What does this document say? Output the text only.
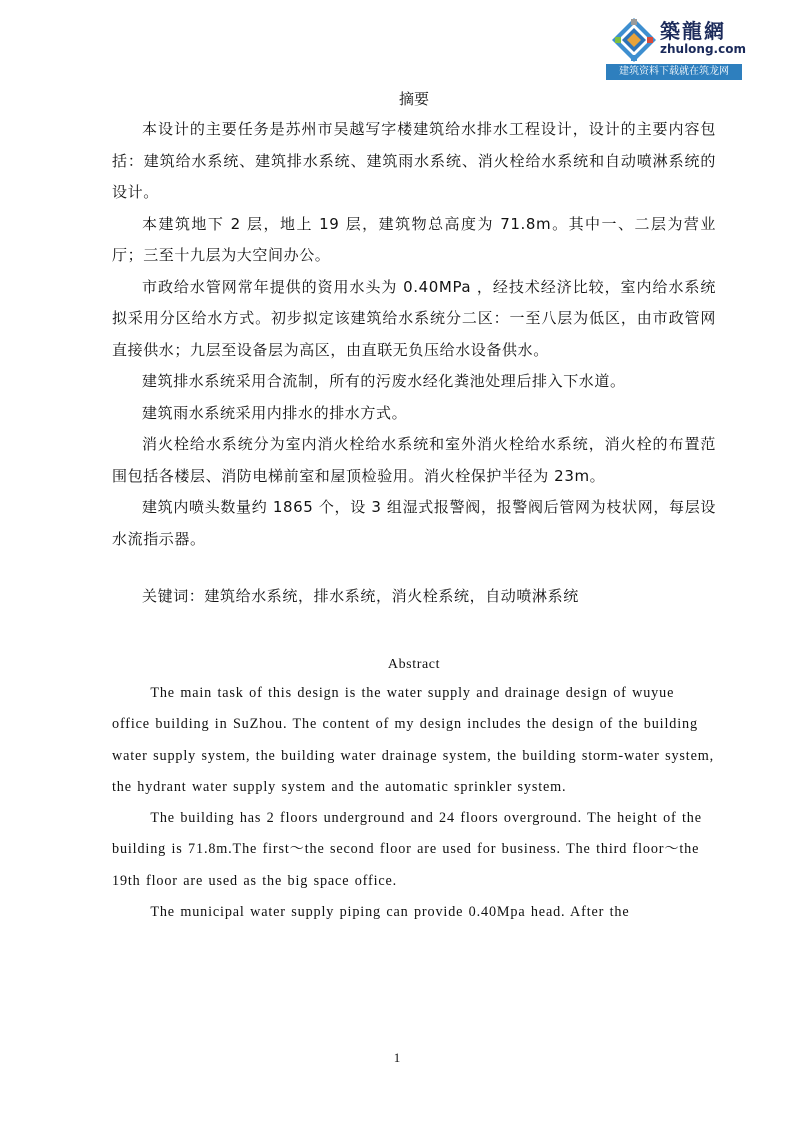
築龍網
zhulong.com
建筑资料下载就在筑龙网
摘要

本设计的主要任务是苏州市吴越写字楼建筑给水排水工程设计，设计的主要内容包括：建筑给水系统、建筑排水系统、建筑雨水系统、消火栓给水系统和自动喷淋系统的设计。

本建筑地下 2 层，地上 19 层，建筑物总高度为 71.8m。其中一、二层为营业厅；三至十九层为大空间办公。

市政给水管网常年提供的资用水头为 0.40MPa ，经技术经济比较，室内给水系统拟采用分区给水方式。初步拟定该建筑给水系统分二区：一至八层为低区，由市政管网直接供水；九层至设备层为高区，由直联无负压给水设备供水。

建筑排水系统采用合流制，所有的污废水经化粪池处理后排入下水道。

建筑雨水系统采用内排水的排水方式。

消火栓给水系统分为室内消火栓给水系统和室外消火栓给水系统，消火栓的布置范围包括各楼层、消防电梯前室和屋顶检验用。消火栓保护半径为 23m。

建筑内喷头数量约 1865 个，设 3 组湿式报警阀，报警阀后管网为枝状网，每层设水流指示器。

关键词：建筑给水系统，排水系统，消火栓系统，自动喷淋系统

Abstract

The main task of this design is the water supply and drainage design of wuyue office building in SuZhou. The content of my design includes the design of the building water supply system, the building water drainage system, the building storm-water system, the hydrant water supply system and the automatic sprinkler system.

The building has 2 floors underground and 24 floors overground. The height of the building is 71.8m.The first～the second floor are used for business. The third floor～the 19th floor are used as the big space office.

The municipal water supply piping can provide 0.40Mpa head. After the

1
